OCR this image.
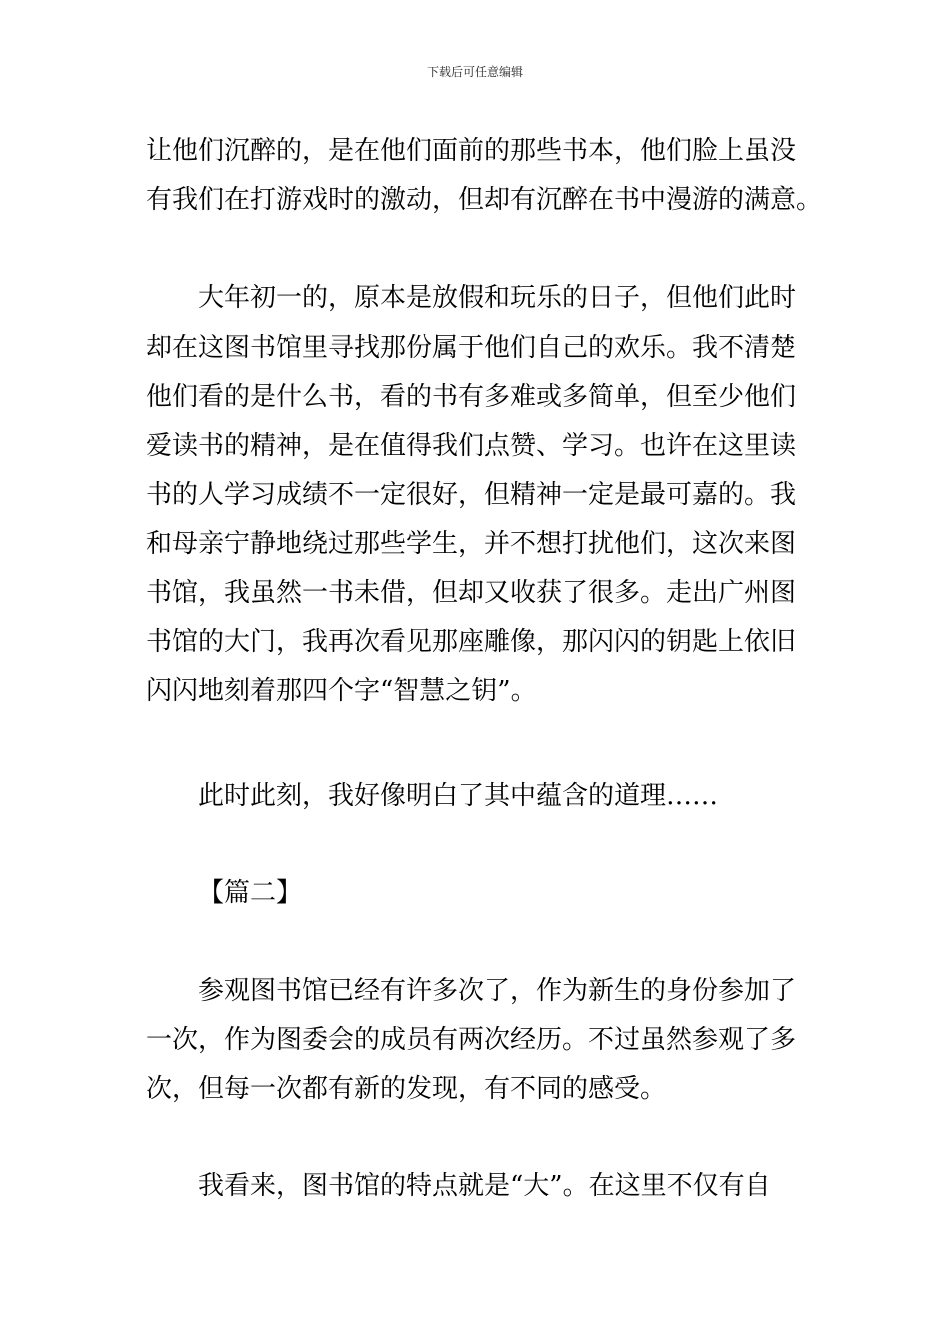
下载后可任意编辑
让他们沉醉的，是在他们面前的那些书本，他们脸上虽没
有我们在打游戏时的激动，但却有沉醉在书中漫游的满意。
大年初一的，原本是放假和玩乐的日子，但他们此时
却在这图书馆里寻找那份属于他们自己的欢乐。我不清楚
他们看的是什么书，看的书有多难或多简单，但至少他们
爱读书的精神，是在值得我们点赞、学习。也许在这里读
书的人学习成绩不一定很好，但精神一定是最可嘉的。我
和母亲宁静地绕过那些学生，并不想打扰他们，这次来图
书馆，我虽然一书未借，但却又收获了很多。走出广州图
书馆的大门，我再次看见那座雕像，那闪闪的钥匙上依旧
闪闪地刻着那四个字“智慧之钥”。
此时此刻，我好像明白了其中蕴含的道理……
【篇二】
参观图书馆已经有许多次了，作为新生的身份参加了
一次，作为图委会的成员有两次经历。不过虽然参观了多
次，但每一次都有新的发现，有不同的感受。
我看来，图书馆的特点就是“大”。在这里不仅有自
